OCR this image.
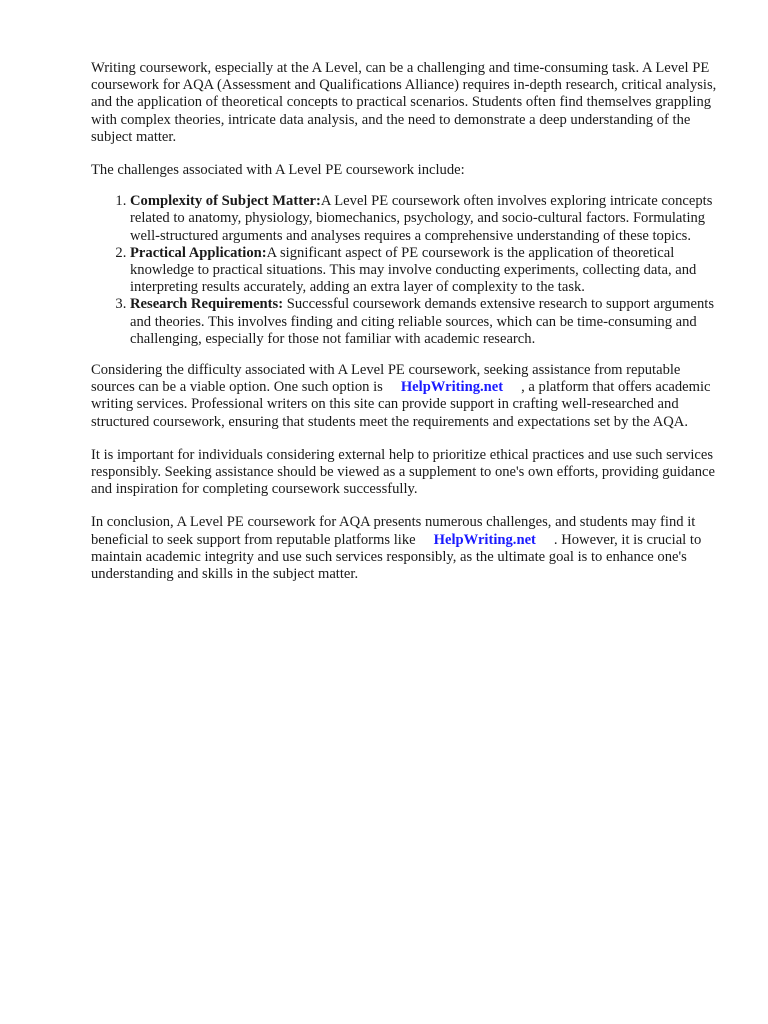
Writing coursework, especially at the A Level, can be a challenging and time-consuming task. A Level PE coursework for AQA (Assessment and Qualifications Alliance) requires in-depth research, critical analysis, and the application of theoretical concepts to practical scenarios. Students often find themselves grappling with complex theories, intricate data analysis, and the need to demonstrate a deep understanding of the subject matter.

The challenges associated with A Level PE coursework include:

1. Complexity of Subject Matter:A Level PE coursework often involves exploring intricate concepts related to anatomy, physiology, biomechanics, psychology, and socio-cultural factors. Formulating well-structured arguments and analyses requires a comprehensive understanding of these topics.
2. Practical Application:A significant aspect of PE coursework is the application of theoretical knowledge to practical situations. This may involve conducting experiments, collecting data, and interpreting results accurately, adding an extra layer of complexity to the task.
3. Research Requirements: Successful coursework demands extensive research to support arguments and theories. This involves finding and citing reliable sources, which can be time-consuming and challenging, especially for those not familiar with academic research.

Considering the difficulty associated with A Level PE coursework, seeking assistance from reputable sources can be a viable option. One such option is HelpWriting.net , a platform that offers academic writing services. Professional writers on this site can provide support in crafting well-researched and structured coursework, ensuring that students meet the requirements and expectations set by the AQA.

It is important for individuals considering external help to prioritize ethical practices and use such services responsibly. Seeking assistance should be viewed as a supplement to one's own efforts, providing guidance and inspiration for completing coursework successfully.

In conclusion, A Level PE coursework for AQA presents numerous challenges, and students may find it beneficial to seek support from reputable platforms like HelpWriting.net . However, it is crucial to maintain academic integrity and use such services responsibly, as the ultimate goal is to enhance one's understanding and skills in the subject matter.
